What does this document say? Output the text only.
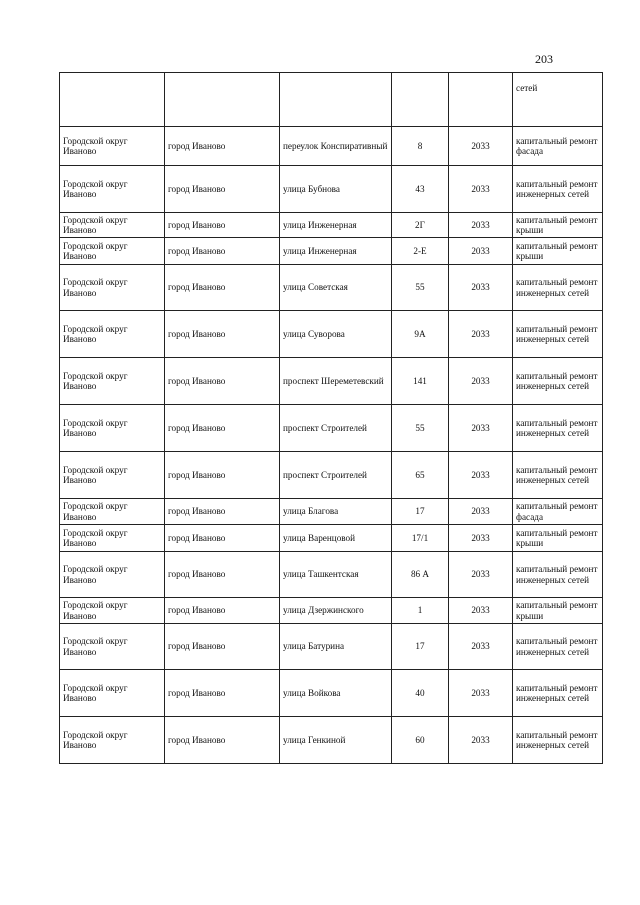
203
					сетей
Городской округ Иваново	город Иваново	переулок Конспиративный	8	2033	капитальный ремонт фасада
Городской округ Иваново	город Иваново	улица Бубнова	43	2033	капитальный ремонт инженерных сетей
Городской округ Иваново	город Иваново	улица Инженерная	2Г	2033	капитальный ремонт крыши
Городской округ Иваново	город Иваново	улица Инженерная	2-Е	2033	капитальный ремонт крыши
Городской округ Иваново	город Иваново	улица Советская	55	2033	капитальный ремонт инженерных сетей
Городской округ Иваново	город Иваново	улица Суворова	9А	2033	капитальный ремонт инженерных сетей
Городской округ Иваново	город Иваново	проспект Шереметевский	141	2033	капитальный ремонт инженерных сетей
Городской округ Иваново	город Иваново	проспект Строителей	55	2033	капитальный ремонт инженерных сетей
Городской округ Иваново	город Иваново	проспект Строителей	65	2033	капитальный ремонт инженерных сетей
Городской округ Иваново	город Иваново	улица Благова	17	2033	капитальный ремонт фасада
Городской округ Иваново	город Иваново	улица Варенцовой	17/1	2033	капитальный ремонт крыши
Городской округ Иваново	город Иваново	улица Ташкентская	86 А	2033	капитальный ремонт инженерных сетей
Городской округ Иваново	город Иваново	улица Дзержинского	1	2033	капитальный ремонт крыши
Городской округ Иваново	город Иваново	улица Батурина	17	2033	капитальный ремонт инженерных сетей
Городской округ Иваново	город Иваново	улица Войкова	40	2033	капитальный ремонт инженерных сетей
Городской округ Иваново	город Иваново	улица Генкиной	60	2033	капитальный ремонт инженерных сетей
